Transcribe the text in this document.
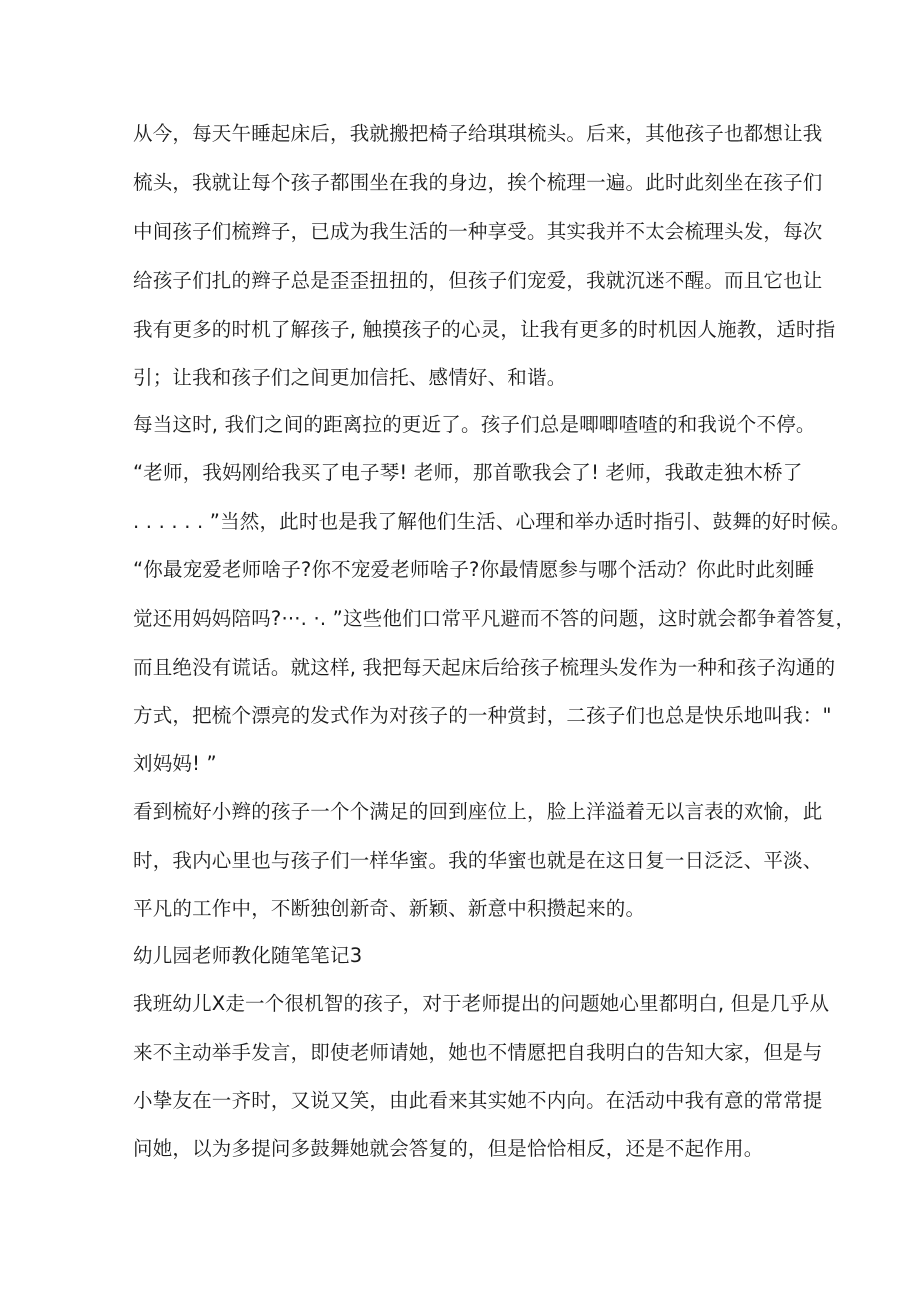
从今，每天午睡起床后，我就搬把椅子给琪琪梳头。后来，其他孩子也都想让我
梳头，我就让每个孩子都围坐在我的身边，挨个梳理一遍。此时此刻坐在孩子们
中间孩子们梳辫子，已成为我生活的一种享受。其实我并不太会梳理头发，每次
给孩子们扎的辫子总是歪歪扭扭的，但孩子们宠爱，我就沉迷不醒。而且它也让
我有更多的时机了解孩子, 触摸孩子的心灵，让我有更多的时机因人施教，适时指
引；让我和孩子们之间更加信托、感情好、和谐。
每当这时, 我们之间的距离拉的更近了。孩子们总是唧唧喳喳的和我说个不停。
“老师，我妈刚给我买了电子琴! 老师，那首歌我会了! 老师，我敢走独木桥了
. . . . . . ”当然，此时也是我了解他们生活、心理和举办适时指引、鼓舞的好时候。
“你最宠爱老师啥子?你不宠爱老师啥子?你最情愿参与哪个活动？你此时此刻睡
觉还用妈妈陪吗?···. ·. ”这些他们口常平凡避而不答的问题，这时就会都争着答复，
而且绝没有谎话。就这样, 我把每天起床后给孩子梳理头发作为一种和孩子沟通的
方式，把梳个漂亮的发式作为对孩子的一种赏封，二孩子们也总是快乐地叫我："
刘妈妈! ”
看到梳好小辫的孩子一个个满足的回到座位上，脸上洋溢着无以言表的欢愉，此
时，我内心里也与孩子们一样华蜜。我的华蜜也就是在这日复一日泛泛、平淡、
平凡的工作中，不断独创新奇、新颖、新意中积攒起来的。
幼儿园老师教化随笔笔记3
我班幼儿X走一个很机智的孩子，对于老师提出的问题她心里都明白, 但是几乎从
来不主动举手发言，即使老师请她，她也不情愿把自我明白的告知大家，但是与
小挚友在一齐时，又说又笑，由此看来其实她不内向。在活动中我有意的常常提
问她，以为多提问多鼓舞她就会答复的，但是恰恰相反，还是不起作用。
